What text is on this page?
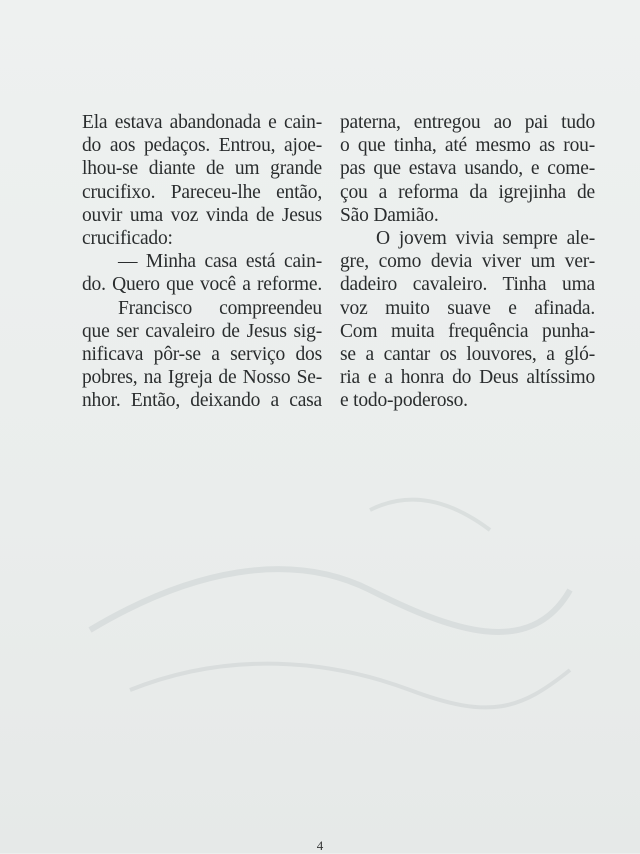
Ela estava abandonada e cain-
do aos pedaços. Entrou, ajoe-
lhou-se diante de um grande
crucifixo. Pareceu-lhe então,
ouvir uma voz vinda de Jesus
crucificado:
— Minha casa está cain-
do. Quero que você a reforme.
Francisco compreendeu
que ser cavaleiro de Jesus sig-
nificava pôr-se a serviço dos
pobres, na Igreja de Nosso Se-
nhor. Então, deixando a casa
paterna, entregou ao pai tudo
o que tinha, até mesmo as rou-
pas que estava usando, e come-
çou a reforma da igrejinha de
São Damião.
O jovem vivia sempre ale-
gre, como devia viver um ver-
dadeiro cavaleiro. Tinha uma
voz muito suave e afinada.
Com muita frequência punha-
se a cantar os louvores, a gló-
ria e a honra do Deus altíssimo
e todo-poderoso.
4
